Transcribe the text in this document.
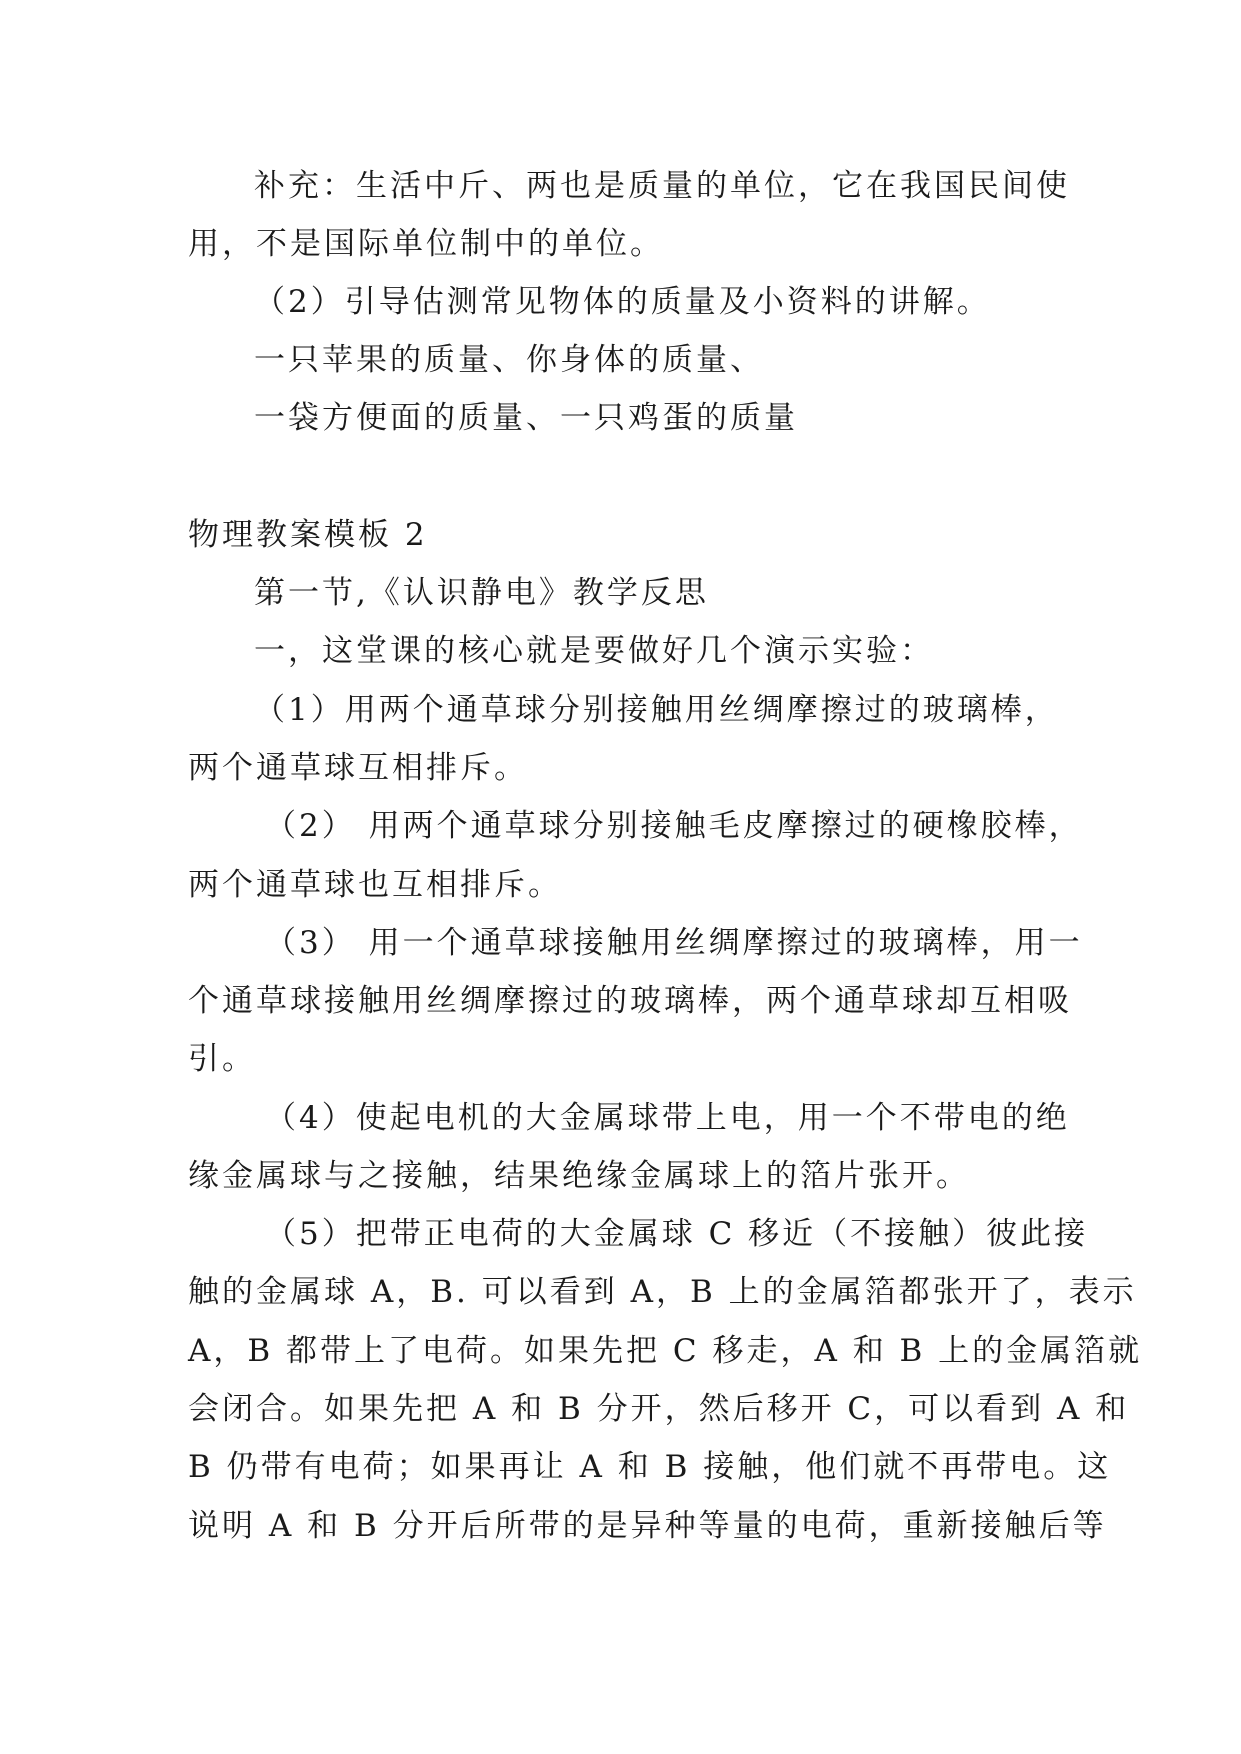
补充：生活中斤、两也是质量的单位，它在我国民间使
用，不是国际单位制中的单位。
（2）引导估测常见物体的质量及小资料的讲解。
一只苹果的质量、你身体的质量、
一袋方便面的质量、一只鸡蛋的质量
物理教案模板 2
第一节,《认识静电》教学反思
一，这堂课的核心就是要做好几个演示实验：
（1）用两个通草球分别接触用丝绸摩擦过的玻璃棒，
两个通草球互相排斥。
（2） 用两个通草球分别接触毛皮摩擦过的硬橡胶棒，
两个通草球也互相排斥。
（3） 用一个通草球接触用丝绸摩擦过的玻璃棒，用一
个通草球接触用丝绸摩擦过的玻璃棒，两个通草球却互相吸
引。
（4）使起电机的大金属球带上电，用一个不带电的绝
缘金属球与之接触，结果绝缘金属球上的箔片张开。
（5）把带正电荷的大金属球 C 移近（不接触）彼此接
触的金属球 A，B. 可以看到 A，B 上的金属箔都张开了，表示
A，B 都带上了电荷。如果先把 C 移走，A 和 B 上的金属箔就
会闭合。如果先把 A 和 B 分开，然后移开 C，可以看到 A 和
B 仍带有电荷；如果再让 A 和 B 接触，他们就不再带电。这
说明 A 和 B 分开后所带的是异种等量的电荷，重新接触后等
